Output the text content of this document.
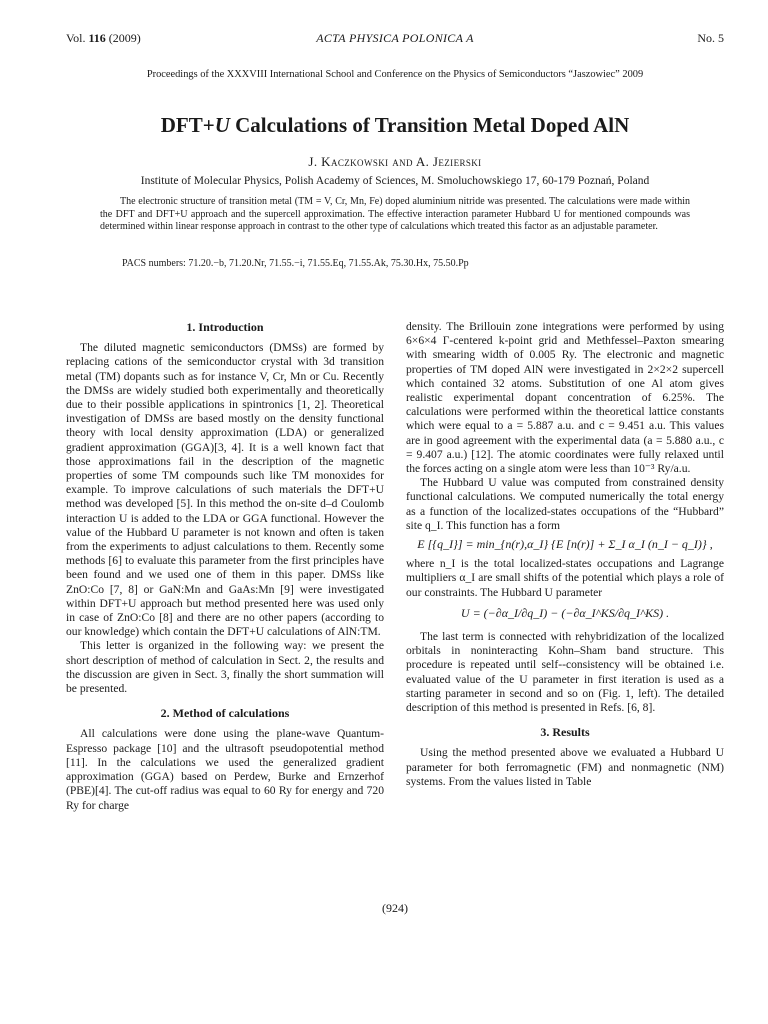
Vol. 116 (2009)	ACTA PHYSICA POLONICA A	No. 5
Proceedings of the XXXVIII International School and Conference on the Physics of Semiconductors “Jaszowiec” 2009
DFT+U Calculations of Transition Metal Doped AlN
J. Kaczkowski and A. Jezierski
Institute of Molecular Physics, Polish Academy of Sciences, M. Smoluchowskiego 17, 60-179 Poznań, Poland
The electronic structure of transition metal (TM = V, Cr, Mn, Fe) doped aluminium nitride was presented. The calculations were made within the DFT and DFT+U approach and the supercell approximation. The effective interaction parameter Hubbard U for mentioned compounds was determined within linear response approach in contrast to the other type of calculations which treated this factor as an adjustable parameter.
PACS numbers: 71.20.−b, 71.20.Nr, 71.55.−i, 71.55.Eq, 71.55.Ak, 75.30.Hx, 75.50.Pp
1. Introduction

The diluted magnetic semiconductors (DMSs) are formed by replacing cations of the semiconductor crystal with 3d transition metal (TM) dopants such as for instance V, Cr, Mn or Cu. Recently the DMSs are widely studied both experimentally and theoretically due to their possible applications in spintronics [1, 2]. Theoretical investigation of DMSs are based mostly on the density functional theory with local density approximation (LDA) or generalized gradient approximation (GGA)[3, 4]. It is a well known fact that those approximations fail in the description of the magnetic properties of some TM compounds such like TM monoxides for example. To improve calculations of such materials the DFT+U method was developed [5]. In this method the on-site d–d Coulomb interaction U is added to the LDA or GGA functional. However the value of the Hubbard U parameter is not known and often is taken from the experiments to adjust calculations to them. Recently some methods [6] to evaluate this parameter from the first principles have been found and we used one of them in this paper. DMSs like ZnO:Co [7, 8] or GaN:Mn and GaAs:Mn [9] were investigated within DFT+U approach but method presented here was used only in case of ZnO:Co [8] and there are no other papers (according to our knowledge) which contain the DFT+U calculations of AlN:TM.

This letter is organized in the following way: we present the short description of method of calculation in Sect. 2, the results and the discussion are given in Sect. 3, finally the short summation will be presented.

2. Method of calculations

All calculations were done using the plane-wave Quantum-Espresso package [10] and the ultrasoft pseudopotential method [11]. In the calculations we used the generalized gradient approximation (GGA) based on Perdew, Burke and Ernzerhof (PBE)[4]. The cut-off radius was equal to 60 Ry for energy and 720 Ry for charge

density. The Brillouin zone integrations were performed by using 6×6×4 Γ-centered k-point grid and Methfessel–Paxton smearing with smearing width of 0.005 Ry. The electronic and magnetic properties of TM doped AlN were investigated in 2×2×2 supercell which contained 32 atoms. Substitution of one Al atom gives realistic experimental dopant concentration of 6.25%. The calculations were performed within the theoretical lattice constants which were equal to a = 5.887 a.u. and c = 9.451 a.u. This values are in good agreement with the experimental data (a = 5.880 a.u., c = 9.407 a.u.) [12]. The atomic coordinates were fully relaxed until the forces acting on a single atom were less than 10⁻³ Ry/a.u.

The Hubbard U value was computed from constrained density functional calculations. We computed numerically the total energy as a function of the localized-states occupations of the “Hubbard” site q_I. This function has a form

E [{q_I}] = min_{n(r),α_I} {E [n(r)] + Σ_I α_I (n_I − q_I)} ,

where n_I is the total localized-states occupations and Lagrange multipliers α_I are small shifts of the potential which plays a role of our constraints. The Hubbard U parameter

U = (−∂α_I/∂q_I) − (−∂α_I^KS/∂q_I^KS) .

The last term is connected with rehybridization of the localized orbitals in noninteracting Kohn–Sham band structure. This procedure is repeated until self--consistency will be obtained i.e. evaluated value of the U parameter in first iteration is used as a starting parameter in second and so on (Fig. 1, left). The detailed description of this method is presented in Refs. [6, 8].

3. Results

Using the method presented above we evaluated a Hubbard U parameter for both ferromagnetic (FM) and nonmagnetic (NM) systems. From the values listed in Table

(924)
